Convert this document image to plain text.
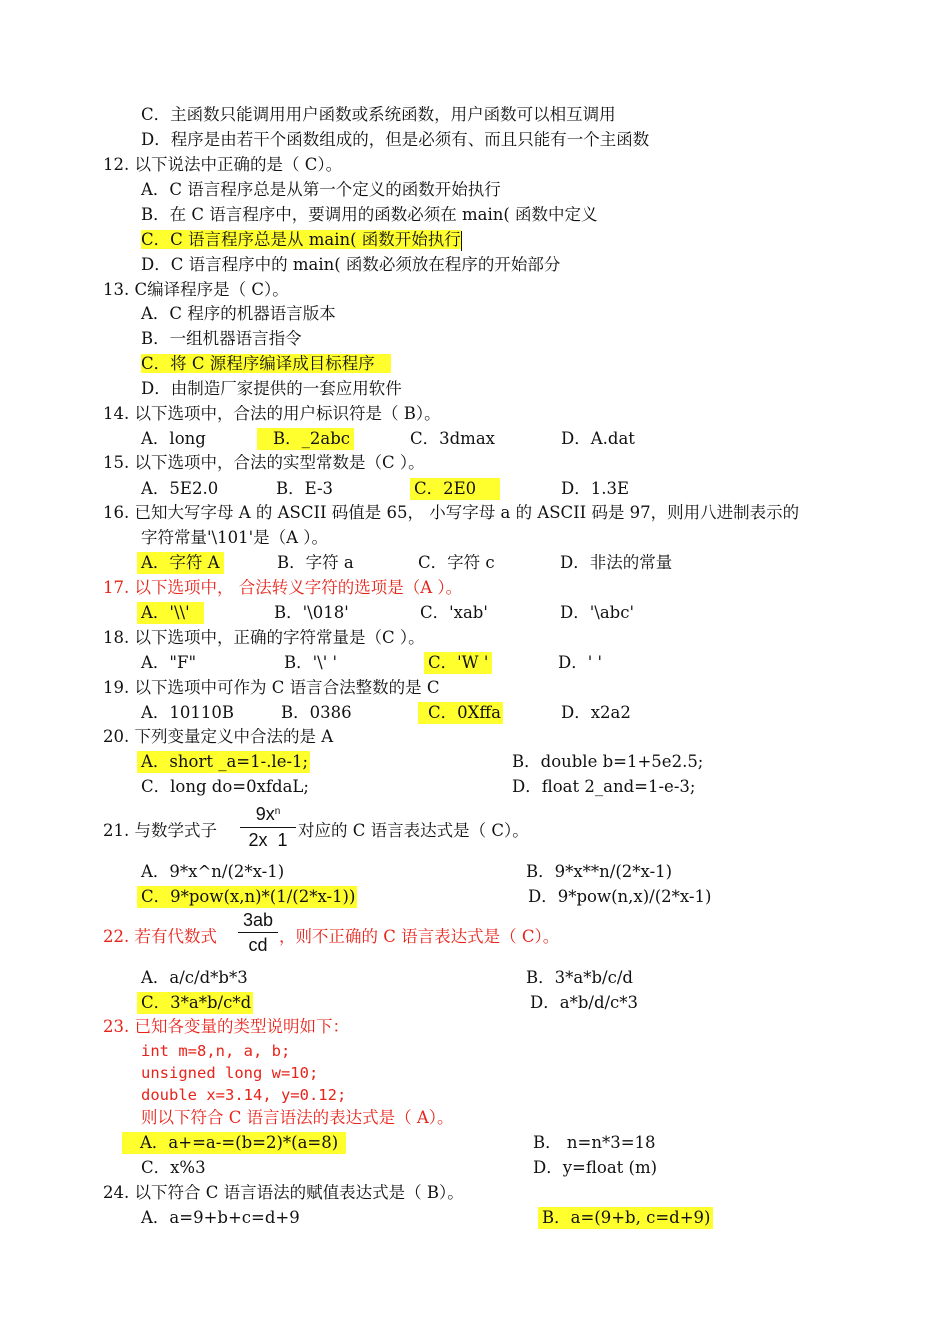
C．主函数只能调用用户函数或系统函数，用户函数可以相互调用
D．程序是由若干个函数组成的，但是必须有、而且只能有一个主函数
12. 以下说法中正确的是（ C）。
A．C 语言程序总是从第一个定义的函数开始执行
B．在 C 语言程序中，要调用的函数必须在 main( 函数中定义
C．C 语言程序总是从 main( 函数开始执行
D．C 语言程序中的 main( 函数必须放在程序的开始部分
13. C编译程序是（ C）。
A．C 程序的机器语言版本
B．一组机器语言指令
C．将 C 源程序编译成目标程序
D．由制造厂家提供的一套应用软件
14. 以下选项中，合法的用户标识符是（ B）。
A．long	B．_2abc	C．3dmax	D．A.dat
15. 以下选项中，合法的实型常数是（C ）。
A．5E2.0	B．E-3	C．2E0	D．1.3E
16. 已知大写字母 A 的 ASCII 码值是 65， 小写字母 a 的 ASCII 码是 97，则用八进制表示的
字符常量'\101'是（A ）。
A．字符 A	B．字符 a	C．字符 c	D．非法的常量
17. 以下选项中， 合法转义字符的选项是（A ）。
A．'\\'	B．'\018'	C．'xab'	D．'\abc'
18. 以下选项中，正确的字符常量是（C ）。
A．"F"	B．'\' '	C．'W '	D．' '
19. 以下选项中可作为 C 语言合法整数的是 C
A．10110B	B．0386	C．0Xffa	D．x2a2
20. 下列变量定义中合法的是 A
A．short _a=1-.le-1;	B．double b=1+5e2.5;
C．long do=0xfdaL;	D．float 2_and=1-e-3;
21. 与数学式子 $\frac{9x^n}{2x 1}$ 对应的 C 语言表达式是（ C）。
A．9*x^n/(2*x-1)	B．9*x**n/(2*x-1)
C．9*pow(x,n)*(1/(2*x-1))	D．9*pow(n,x)/(2*x-1)
22. 若有代数式 $\frac{3ab}{cd}$ ，则不正确的 C 语言表达式是（ C）。
A．a/c/d*b*3	B．3*a*b/c/d
C．3*a*b/c*d	D．a*b/d/c*3
23. 已知各变量的类型说明如下：
int m=8,n, a, b;
unsigned long w=10;
double x=3.14, y=0.12;
则以下符合 C 语言语法的表达式是（ A）。
A．a+=a-=(b=2)*(a=8)	B． n=n*3=18
C．x%3	D．y=float (m)
24. 以下符合 C 语言语法的赋值表达式是（ B）。
A．a=9+b+c=d+9	B．a=(9+b, c=d+9)
